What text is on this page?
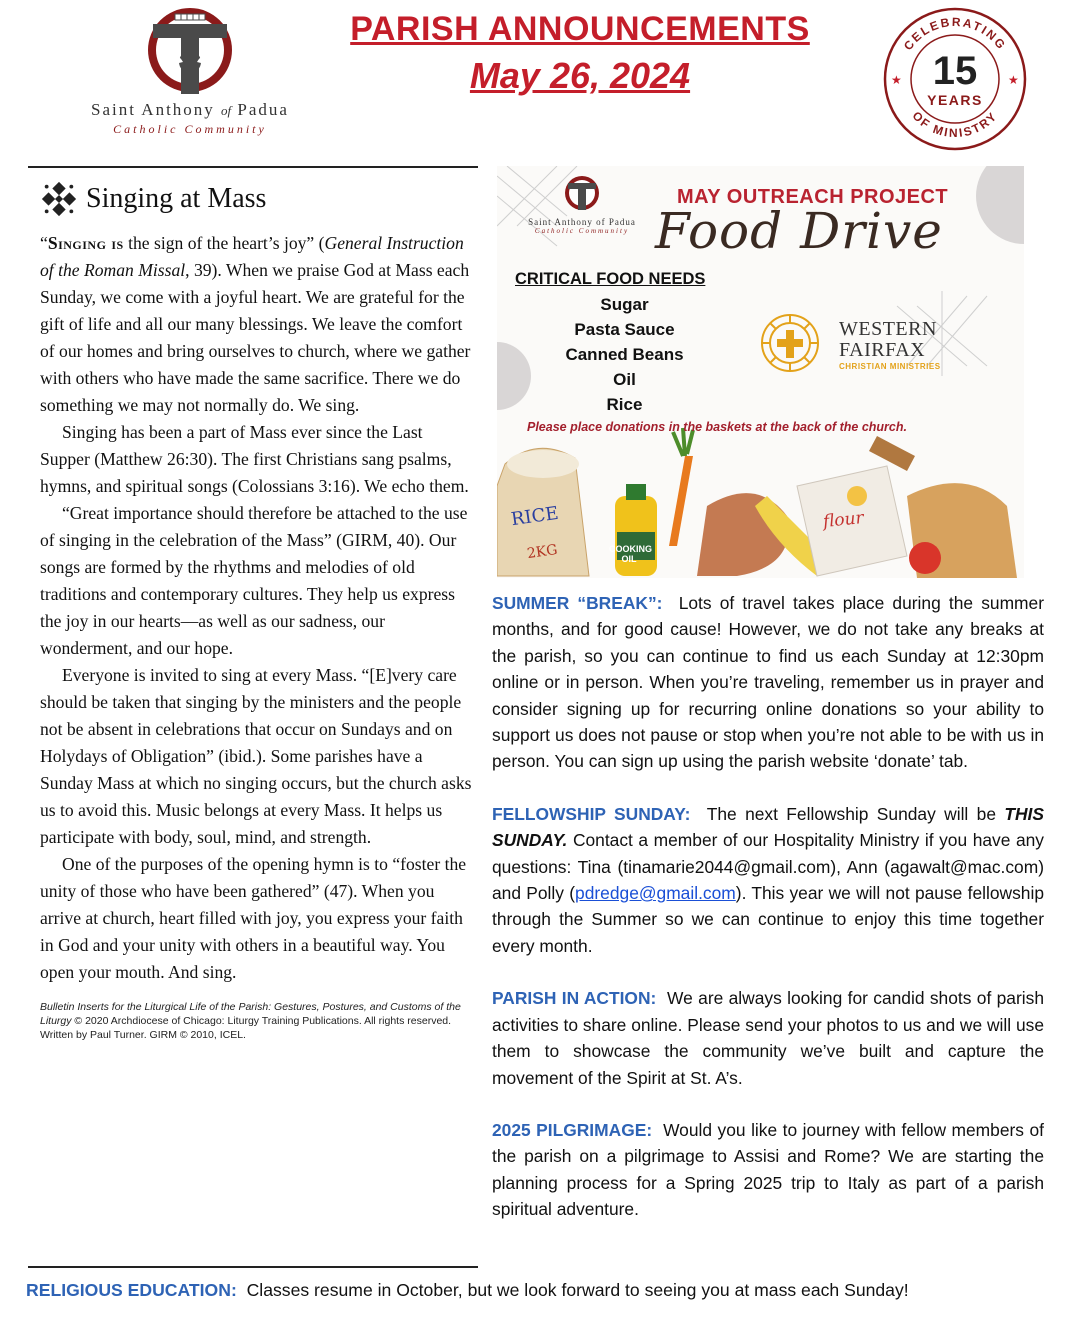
Saint Anthony of Padua
Catholic Community
PARISH ANNOUNCEMENTS
May 26, 2024
CELEBRATING
OF MINISTRY
15
YEARS
★	★
Singing at Mass

“Singing is the sign of the heart’s joy” (General Instruction of the Roman Missal, 39). When we praise God at Mass each Sunday, we come with a joyful heart. We are grateful for the gift of life and all our many blessings. We leave the comfort of our homes and bring ourselves to church, where we gather with others who have made the same sacrifice. There we do something we may not normally do. We sing.

Singing has been a part of Mass ever since the Last Supper (Matthew 26:30). The first Christians sang psalms, hymns, and spiritual songs (Colossians 3:16). We echo them.

“Great importance should therefore be attached to the use of singing in the celebration of the Mass” (GIRM, 40). Our songs are formed by the rhythms and melodies of old traditions and contemporary cultures. They help us express the joy in our hearts—as well as our sadness, our wonderment, and our hope.

Everyone is invited to sing at every Mass. “[E]very care should be taken that singing by the ministers and the people not be absent in celebrations that occur on Sundays and on Holydays of Obligation” (ibid.). Some parishes have a Sunday Mass at which no singing occurs, but the church asks us to avoid this. Music belongs at every Mass. It helps us participate with body, soul, mind, and strength.

One of the purposes of the opening hymn is to “foster the unity of those who have been gathered” (47). When you arrive at church, heart filled with joy, you express your faith in God and your unity with others in a beautiful way. You open your mouth. And sing.

Bulletin Inserts for the Liturgical Life of the Parish: Gestures, Postures, and Customs of the Liturgy © 2020 Archdiocese of Chicago: Liturgy Training Publications. All rights reserved. Written by Paul Turner. GIRM © 2010, ICEL.
Saint Anthony of Padua
Catholic Community
MAY OUTREACH PROJECT
Food Drive
CRITICAL FOOD NEEDS
Sugar
Pasta Sauce
Canned Beans
Oil
Rice
WESTERN
FAIRFAX
CHRISTIAN MINISTRIES
Please place donations in the baskets at the back of the church.
RICE
2KG	COOKING OIL
flour

SUMMER “BREAK”: Lots of travel takes place during the summer months, and for good cause! However, we do not take any breaks at the parish, so you can continue to find us each Sunday at 12:30pm online or in person. When you’re traveling, remember us in prayer and consider signing up for recurring online donations so your ability to support us does not pause or stop when you’re not able to be with us in person. You can sign up using the parish website ‘donate’ tab.

FELLOWSHIP SUNDAY: The next Fellowship Sunday will be THIS SUNDAY. Contact a member of our Hospitality Ministry if you have any questions: Tina (tinamarie2044@gmail.com), Ann (agawalt@mac.com) and Polly (pdredge@gmail.com). This year we will not pause fellowship through the Summer so we can continue to enjoy this time together every month.

PARISH IN ACTION: We are always looking for candid shots of parish activities to share online. Please send your photos to us and we will use them to showcase the community we’ve built and capture the movement of the Spirit at St. A’s.

2025 PILGRIMAGE: Would you like to journey with fellow members of the parish on a pilgrimage to Assisi and Rome? We are starting the planning process for a Spring 2025 trip to Italy as part of a parish spiritual adventure.

RELIGIOUS EDUCATION: Classes resume in October, but we look forward to seeing you at mass each Sunday!
